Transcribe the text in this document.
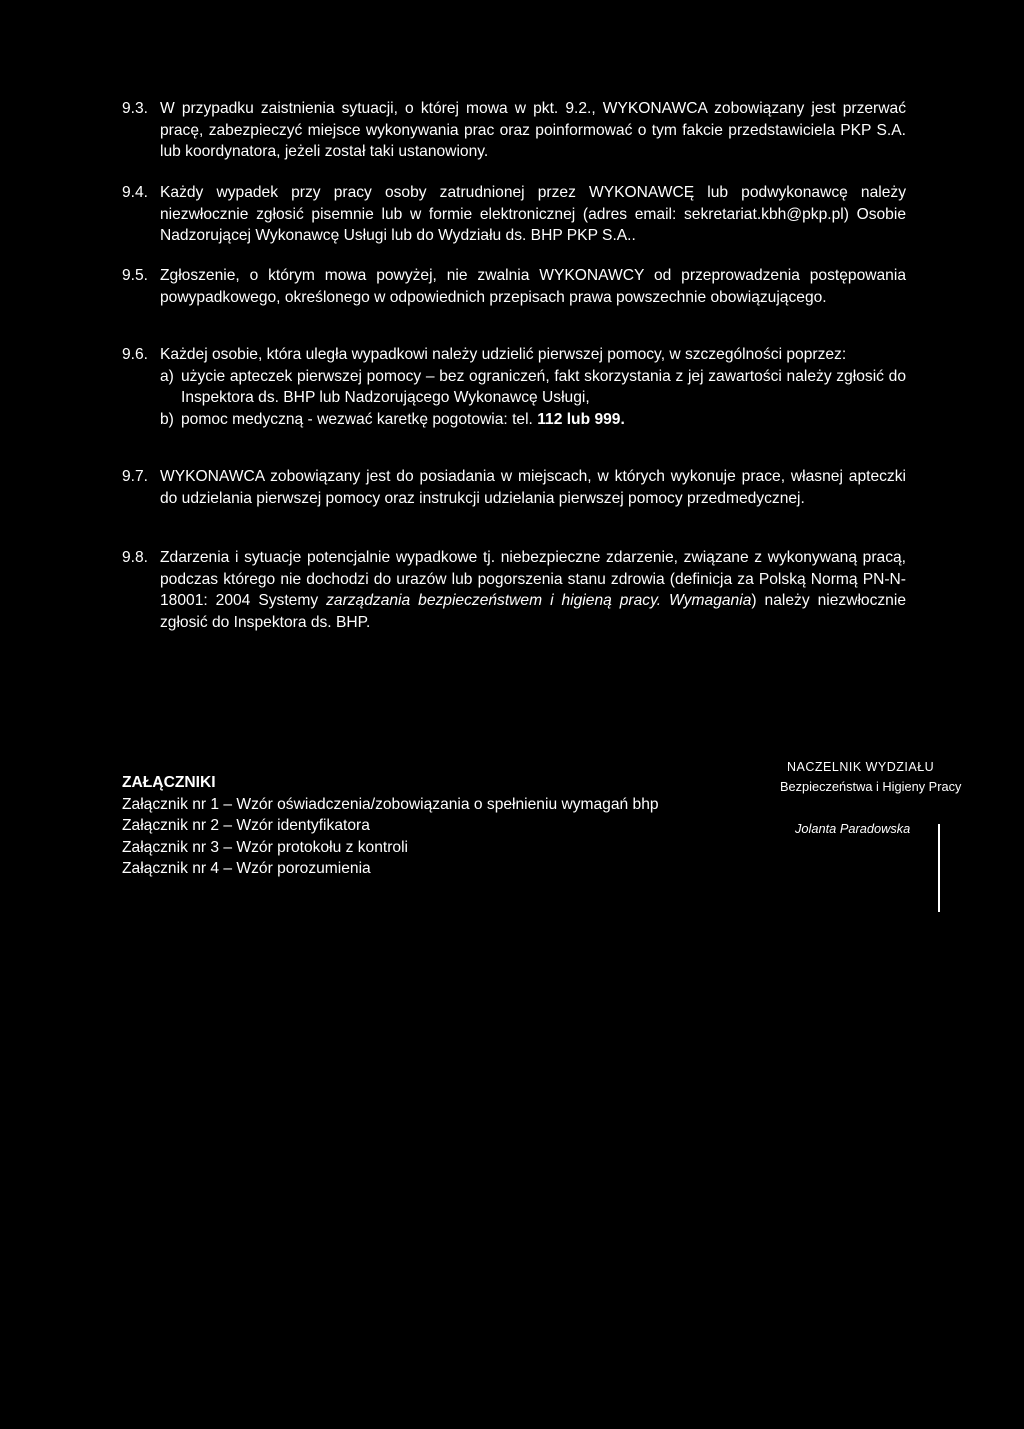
9.3. W przypadku zaistnienia sytuacji, o której mowa w pkt. 9.2., WYKONAWCA zobowiązany jest przerwać pracę, zabezpieczyć miejsce wykonywania prac oraz poinformować o tym fakcie przedstawiciela PKP S.A. lub koordynatora, jeżeli został taki ustanowiony.
9.4. Każdy wypadek przy pracy osoby zatrudnionej przez WYKONAWCĘ lub podwykonawcę należy niezwłocznie zgłosić pisemnie lub w formie elektronicznej (adres email: sekretariat.kbh@pkp.pl) Osobie Nadzorującej Wykonawcę Usługi lub do Wydziału ds. BHP PKP S.A..
9.5. Zgłoszenie, o którym mowa powyżej, nie zwalnia WYKONAWCY od przeprowadzenia postępowania powypadkowego, określonego w odpowiednich przepisach prawa powszechnie obowiązującego.
9.6. Każdej osobie, która uległa wypadkowi należy udzielić pierwszej pomocy, w szczególności poprzez:
a) użycie apteczek pierwszej pomocy – bez ograniczeń, fakt skorzystania z jej zawartości należy zgłosić do Inspektora ds. BHP lub Nadzorującego Wykonawcę Usługi,
b) pomoc medyczną - wezwać karetkę pogotowia: tel. 112 lub 999.
9.7. WYKONAWCA zobowiązany jest do posiadania w miejscach, w których wykonuje prace, własnej apteczki do udzielania pierwszej pomocy oraz instrukcji udzielania pierwszej pomocy przedmedycznej.
9.8. Zdarzenia i sytuacje potencjalnie wypadkowe tj. niebezpieczne zdarzenie, związane z wykonywaną pracą, podczas którego nie dochodzi do urazów lub pogorszenia stanu zdrowia (definicja za Polską Normą PN-N-18001: 2004 Systemy zarządzania bezpieczeństwem i higieną pracy. Wymagania) należy niezwłocznie zgłosić do Inspektora ds. BHP.
ZAŁĄCZNIKI
Załącznik nr 1 – Wzór oświadczenia/zobowiązania o spełnieniu wymagań bhp
Załącznik nr 2 – Wzór identyfikatora
Załącznik nr 3 – Wzór protokołu z kontroli
Załącznik nr 4 – Wzór porozumienia
NACZELNIK WYDZIAŁU
Bezpieczeństwa i Higieny Pracy
Jolanta Paradowska
